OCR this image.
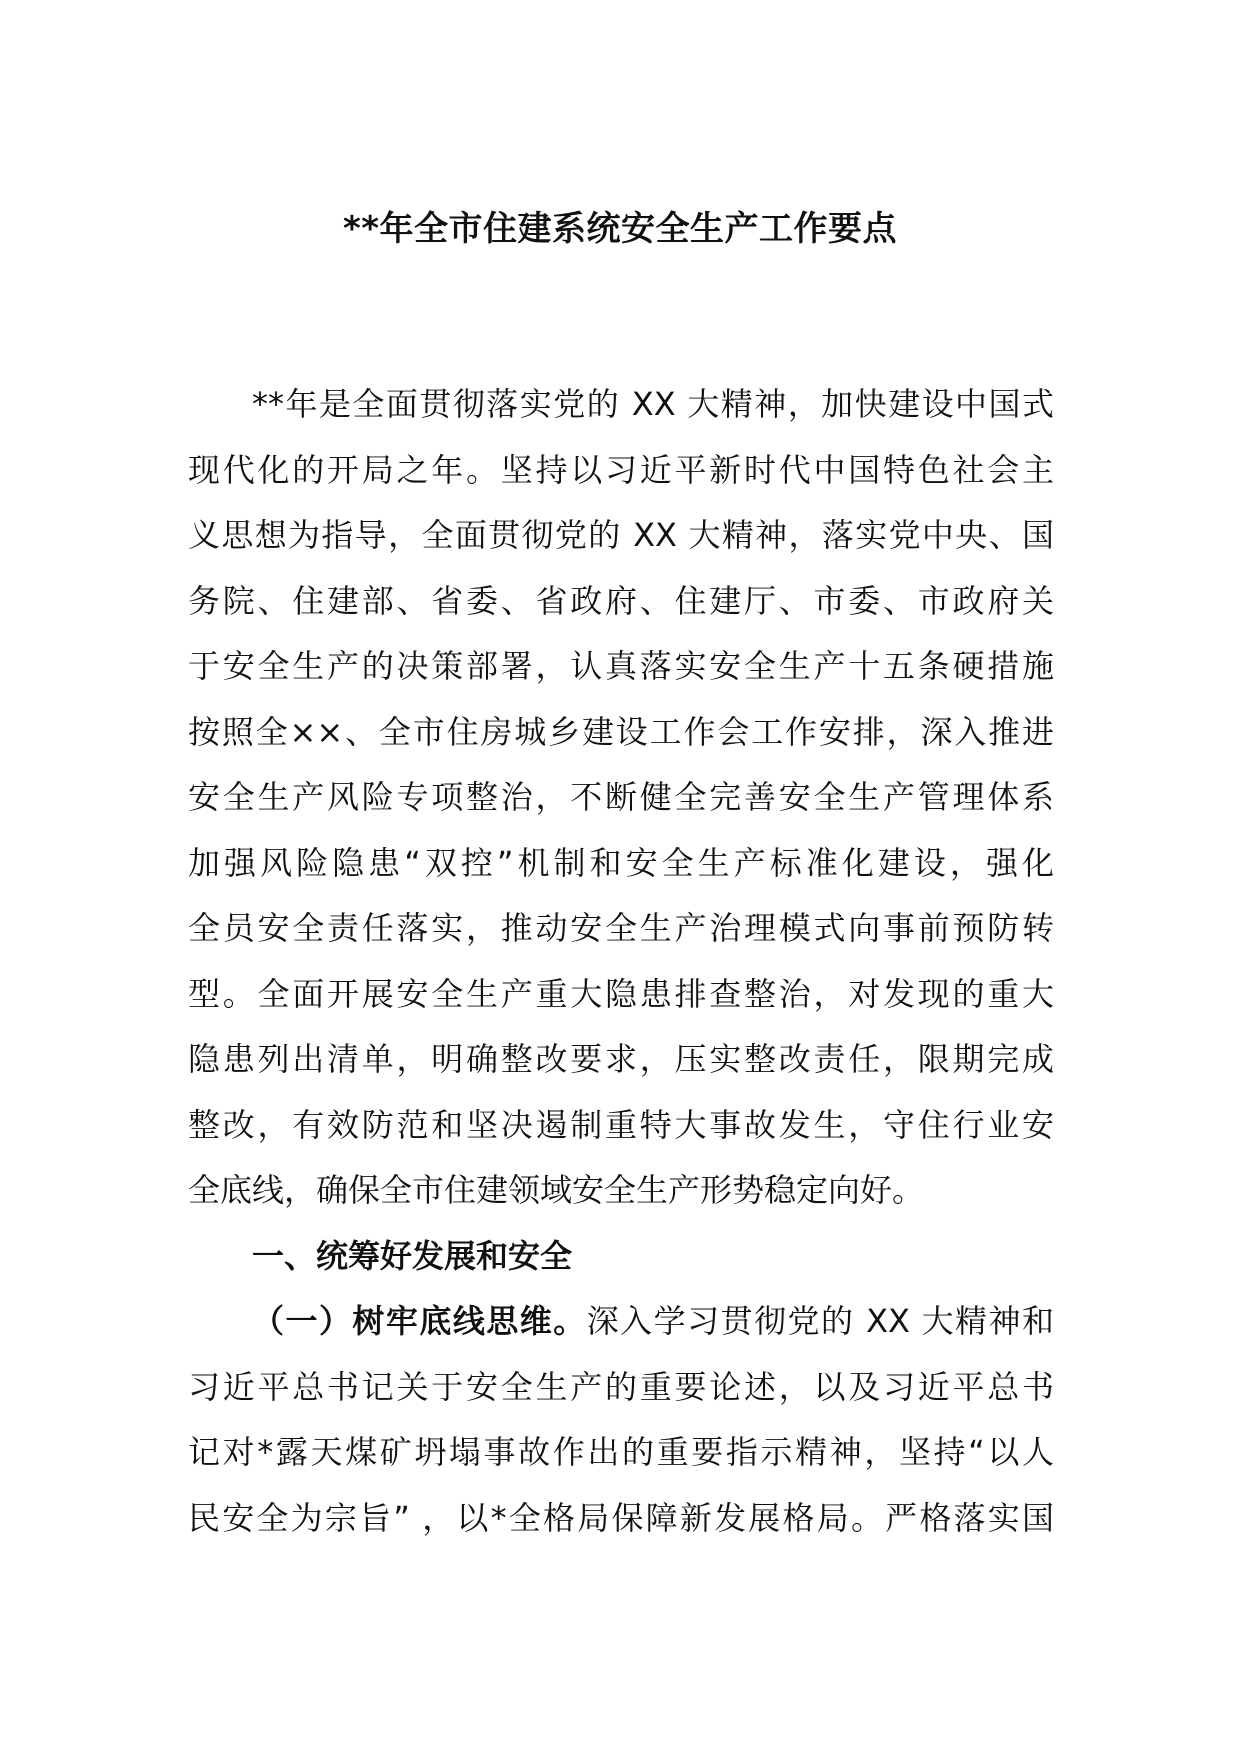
**年全市住建系统安全生产工作要点
**年是全面贯彻落实党的 XX 大精神，加快建设中国式
现代化的开局之年。坚持以习近平新时代中国特色社会主
义思想为指导，全面贯彻党的 XX 大精神，落实党中央、国
务院、住建部、省委、省政府、住建厅、市委、市政府关
于安全生产的决策部署，认真落实安全生产十五条硬措施
按照全××、全市住房城乡建设工作会工作安排，深入推进
安全生产风险专项整治，不断健全完善安全生产管理体系
加强风险隐患“双控”机制和安全生产标准化建设，强化
全员安全责任落实，推动安全生产治理模式向事前预防转
型。全面开展安全生产重大隐患排查整治，对发现的重大
隐患列出清单，明确整改要求，压实整改责任，限期完成
整改，有效防范和坚决遏制重特大事故发生，守住行业安
全底线，确保全市住建领域安全生产形势稳定向好。
一、统筹好发展和安全
（一）树牢底线思维。深入学习贯彻党的 XX 大精神和
习近平总书记关于安全生产的重要论述，以及习近平总书
记对*露天煤矿坍塌事故作出的重要指示精神，坚持“以人
民安全为宗旨” ，以*全格局保障新发展格局。严格落实国
